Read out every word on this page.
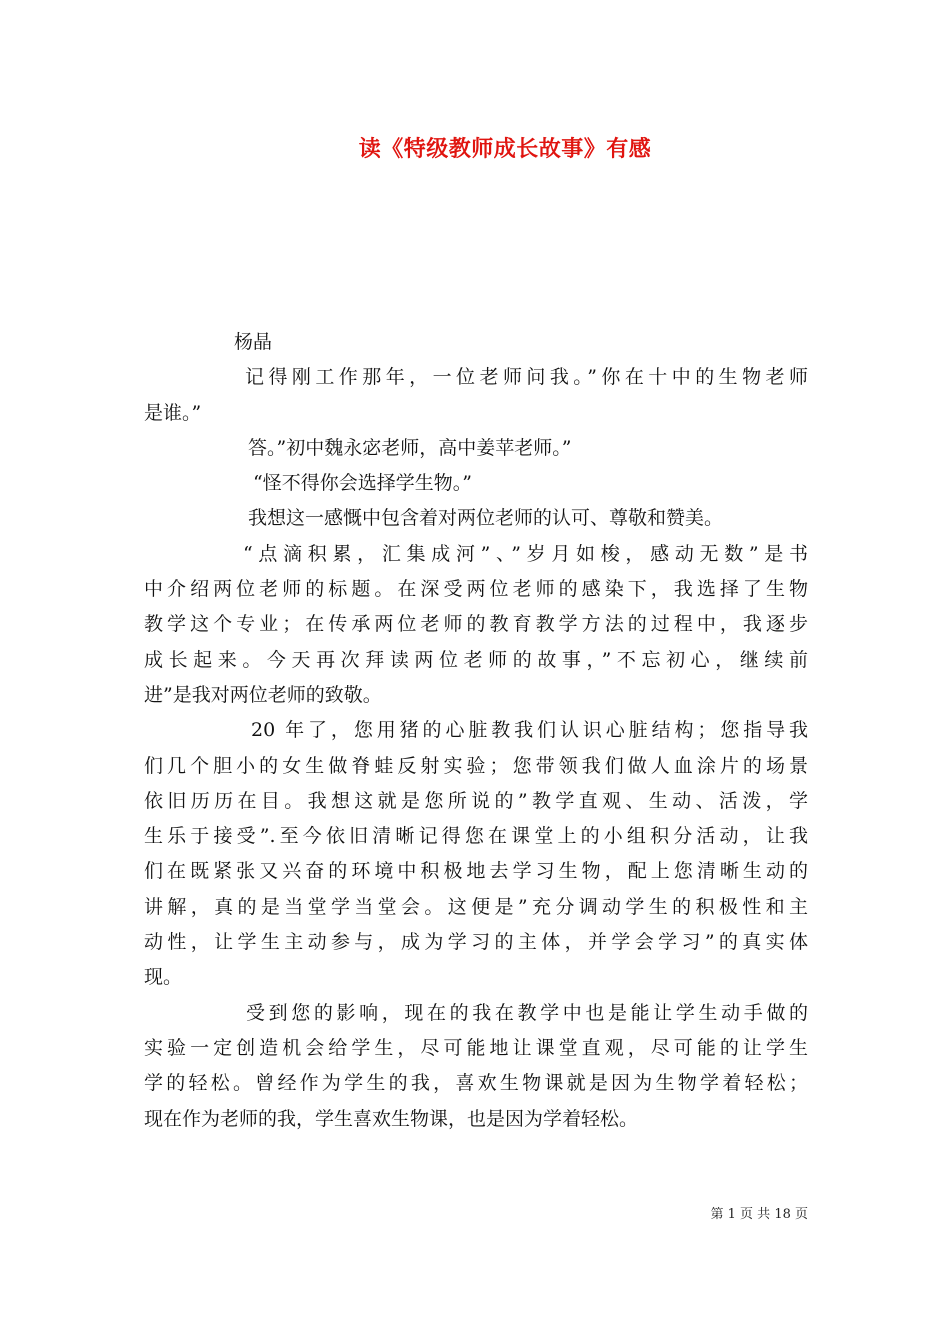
读《特级教师成长故事》有感
杨晶
记得刚工作那年，一位老师问我。”你在十中的生物老师
是谁。”
答。”初中魏永宓老师，高中姜苹老师。”
“怪不得你会选择学生物。”
我想这一感慨中包含着对两位老师的认可、尊敬和赞美。
“点滴积累，汇集成河”、”岁月如梭，感动无数”是书
中介绍两位老师的标题。在深受两位老师的感染下，我选择了生物
教学这个专业；在传承两位老师的教育教学方法的过程中，我逐步
成长起来。今天再次拜读两位老师的故事，”不忘初心，继续前
进”是我对两位老师的致敬。
20 年了，您用猪的心脏教我们认识心脏结构；您指导我
们几个胆小的女生做脊蛙反射实验；您带领我们做人血涂片的场景
依旧历历在目。我想这就是您所说的”教学直观、生动、活泼，学
生乐于接受”.至今依旧清晰记得您在课堂上的小组积分活动，让我
们在既紧张又兴奋的环境中积极地去学习生物，配上您清晰生动的
讲解，真的是当堂学当堂会。这便是”充分调动学生的积极性和主
动性，让学生主动参与，成为学习的主体，并学会学习”的真实体
现。
受到您的影响，现在的我在教学中也是能让学生动手做的
实验一定创造机会给学生，尽可能地让课堂直观，尽可能的让学生
学的轻松。曾经作为学生的我，喜欢生物课就是因为生物学着轻松；
现在作为老师的我，学生喜欢生物课，也是因为学着轻松。
第 1 页 共 18 页
